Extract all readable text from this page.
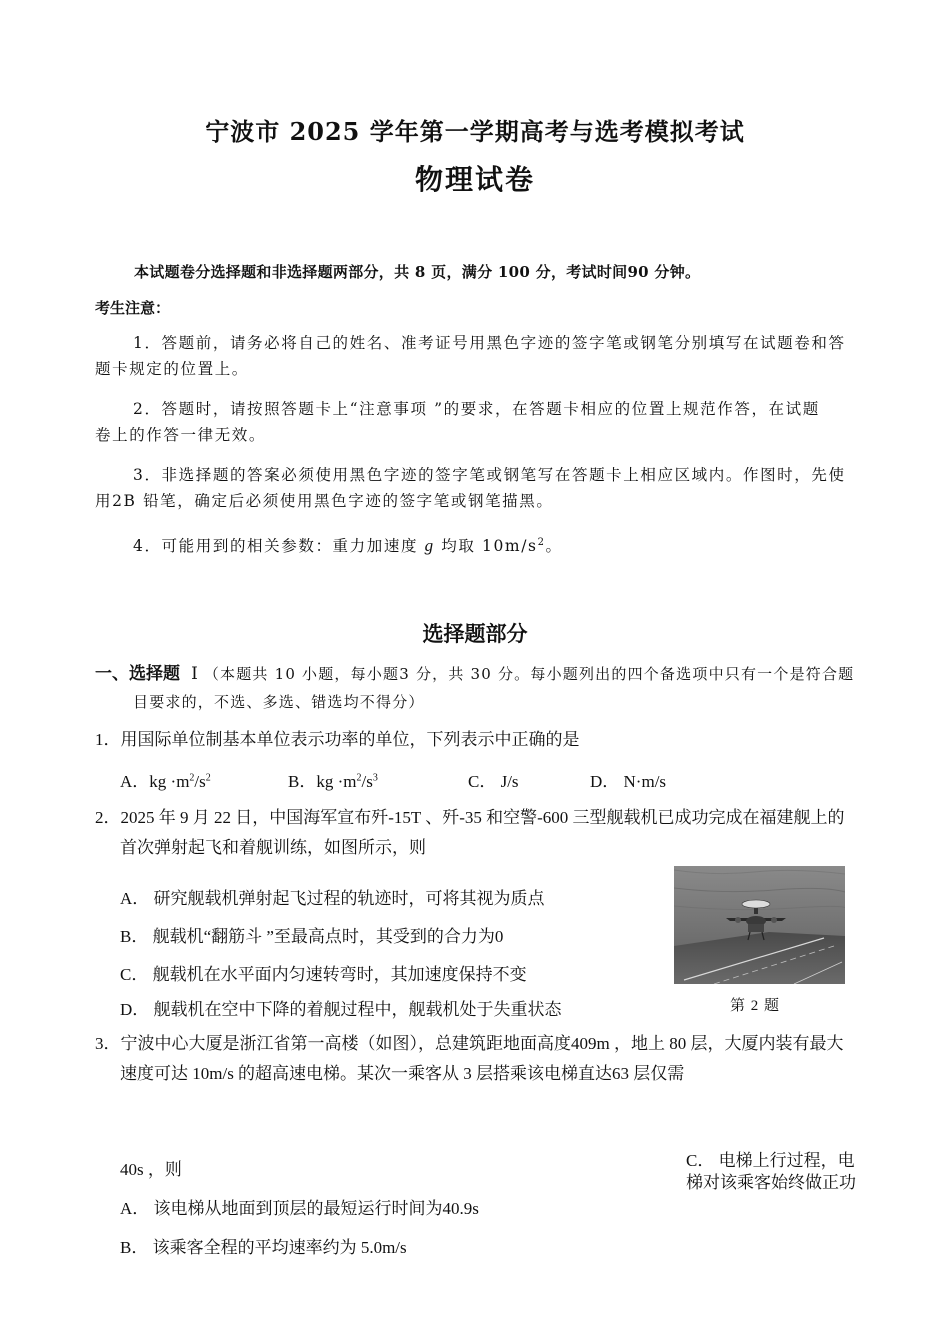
宁波市 2025 学年第一学期高考与选考模拟考试
物理试卷
本试题卷分选择题和非选择题两部分，共 8 页，满分 100 分，考试时间90 分钟。
考生注意：
1．答题前，请务必将自己的姓名、准考证号用黑色字迹的签字笔或钢笔分别填写在试题卷和答题卡规定的位置上。
2．答题时，请按照答题卡上“注意事项 ”的要求，在答题卡相应的位置上规范作答，在试题卷上的作答一律无效。
3．非选择题的答案必须使用黑色字迹的签字笔或钢笔写在答题卡上相应区域内。作图时，先使用2B 铅笔，确定后必须使用黑色字迹的签字笔或钢笔描黑。
4．可能用到的相关参数：重力加速度 g 均取 $10m/s^2$。
选择题部分
一、选择题 Ⅰ （本题共 10 小题，每小题3 分，共 30 分。每小题列出的四个备选项中只有一个是符合题目要求的，不选、多选、错选均不得分）
1．用国际单位制基本单位表示功率的单位，下列表示中正确的是
A．kg $\cdot m^2/s^2$	B．kg $\cdot m^2/s^3$	C． J/s	D． N·m/s
2．2025 年 9 月 22 日，中国海军宣布歼-15T 、歼-35 和空警-600 三型舰载机已成功完成在福建舰上的首次弹射起飞和着舰训练，如图所示，则
A． 研究舰载机弹射起飞过程的轨迹时，可将其视为质点
B． 舰载机“翻筋斗 ”至最高点时，其受到的合力为0
C． 舰载机在水平面内匀速转弯时，其加速度保持不变
D． 舰载机在空中下降的着舰过程中，舰载机处于失重状态	第 2 题
3．宁波中心大厦是浙江省第一高楼（如图），总建筑距地面高度409m ，地上 80 层，大厦内装有最大速度可达 10m/s 的超高速电梯。某次一乘客从 3 层搭乘该电梯直达63 层仅需
40s ，则
A． 该电梯从地面到顶层的最短运行时间为40.9s
B． 该乘客全程的平均速率约为 5.0m/s
C． 电梯上行过程，电梯对该乘客始终做正功
